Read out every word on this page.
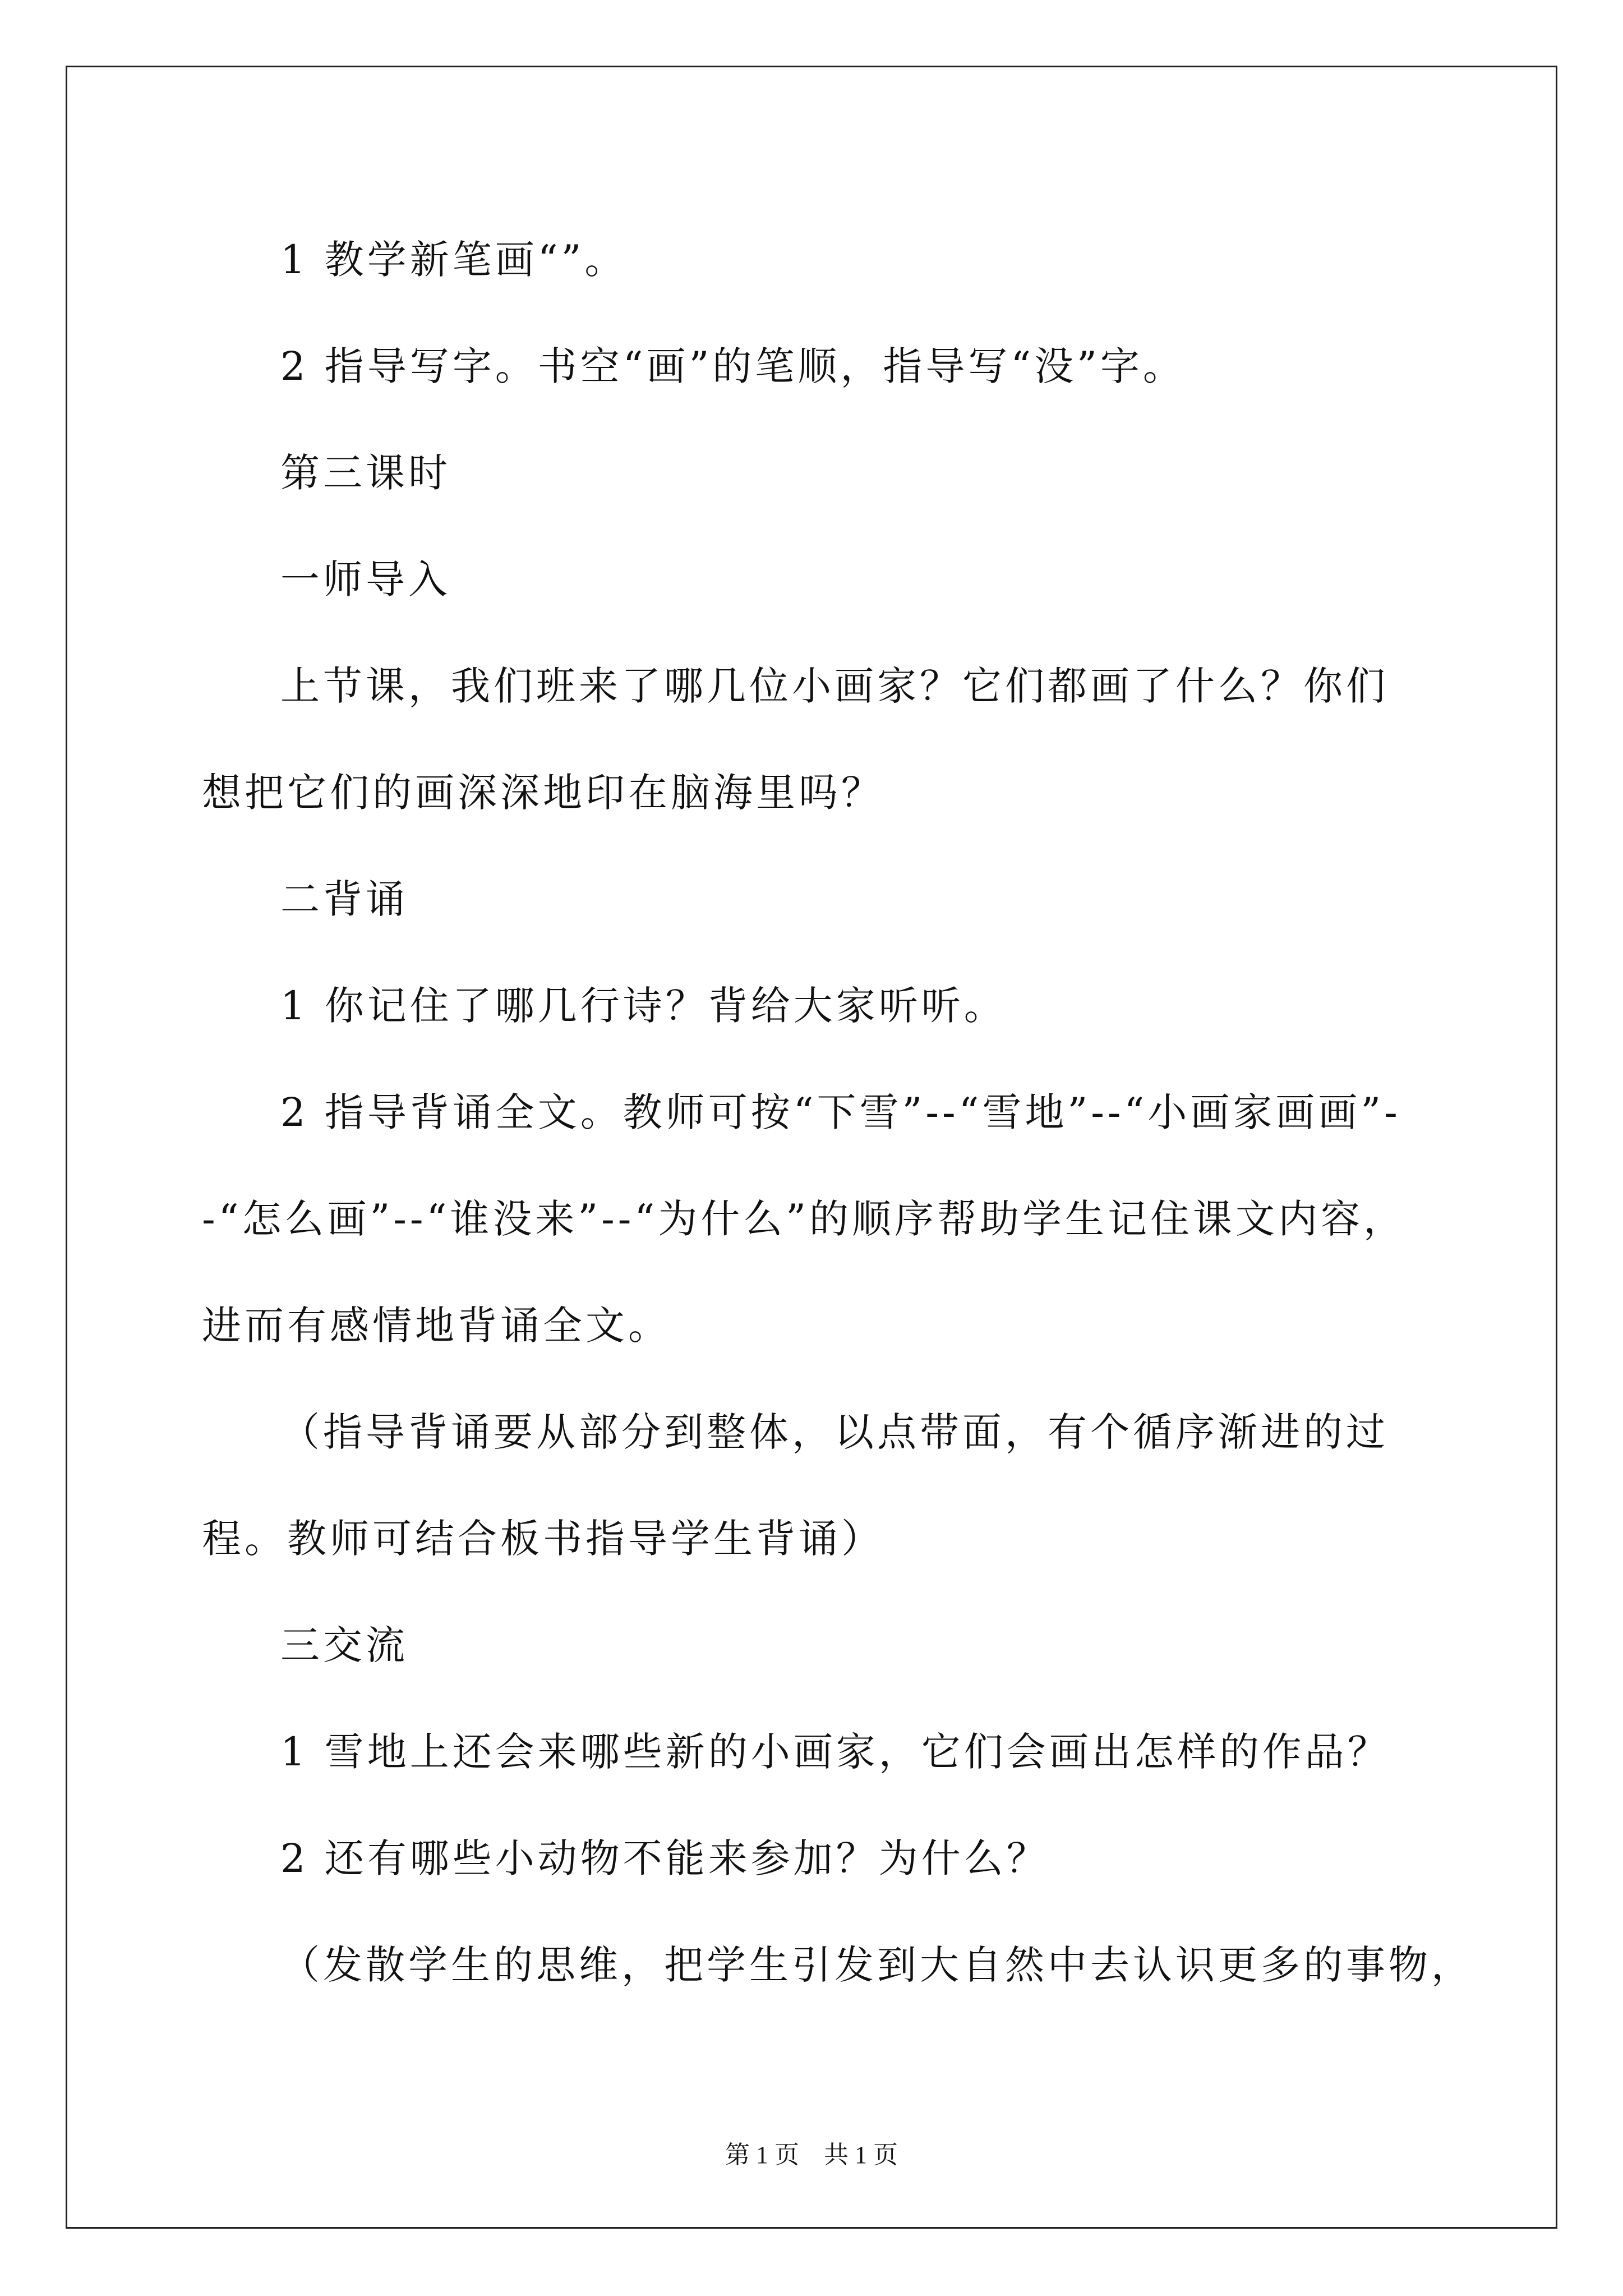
1 教学新笔画“”。

2 指导写字。书空“画”的笔顺，指导写“没”字。

第三课时

一师导入

上节课，我们班来了哪几位小画家？它们都画了什么？你们想把它们的画深深地印在脑海里吗？

二背诵

1 你记住了哪几行诗？背给大家听听。

2 指导背诵全文。教师可按“下雪”--“雪地”--“小画家画画”--“怎么画”--“谁没来”--“为什么”的顺序帮助学生记住课文内容，进而有感情地背诵全文。

（指导背诵要从部分到整体，以点带面，有个循序渐进的过程。教师可结合板书指导学生背诵）

三交流

1 雪地上还会来哪些新的小画家，它们会画出怎样的作品？

2 还有哪些小动物不能来参加？为什么？

（发散学生的思维，把学生引发到大自然中去认识更多的事物，

第 1 页　共 1 页
